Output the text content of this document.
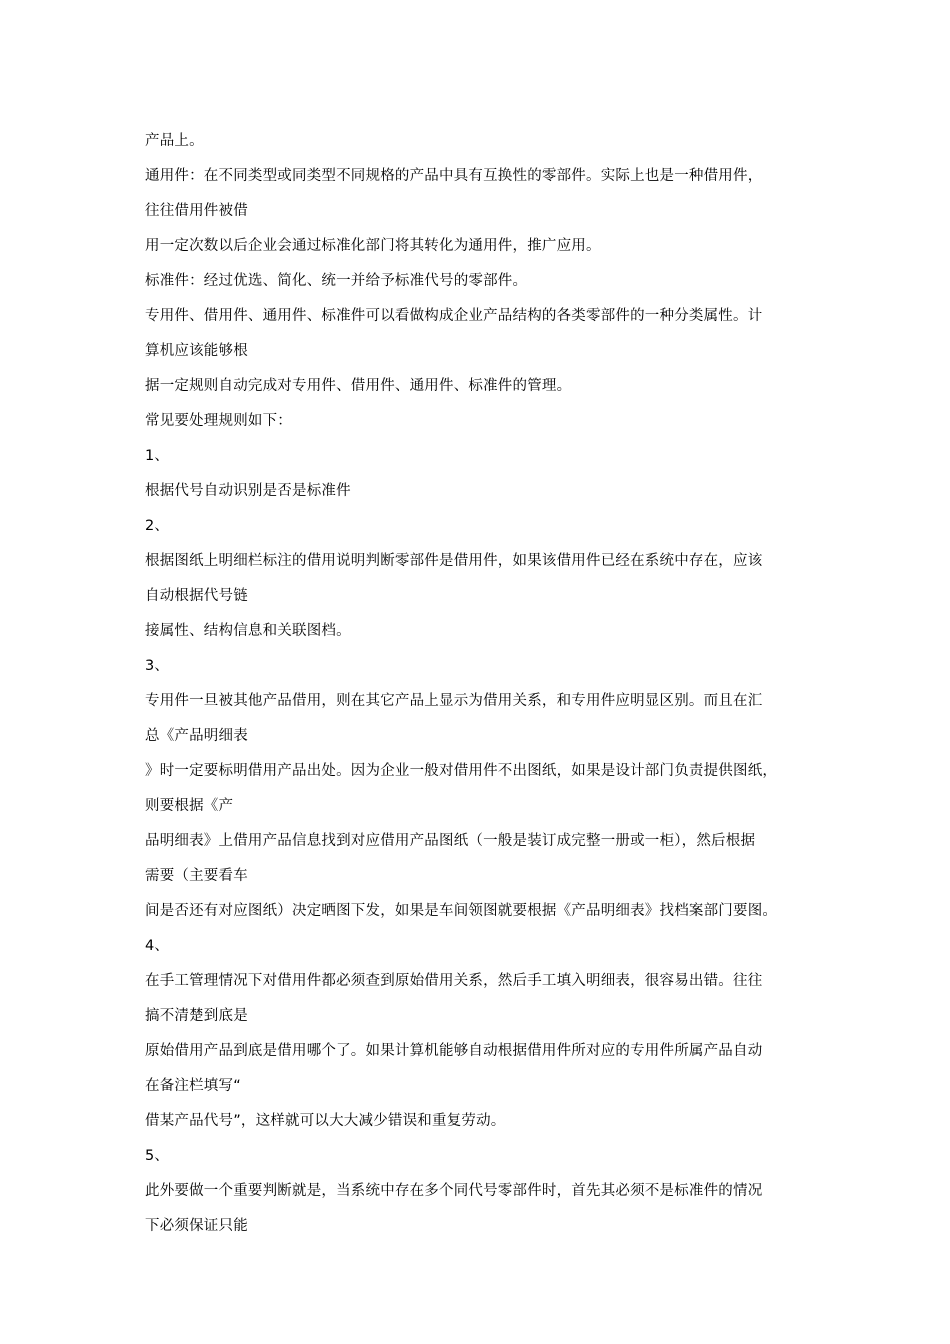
产品上。
通用件：在不同类型或同类型不同规格的产品中具有互换性的零部件。实际上也是一种借用件，
往往借用件被借
用一定次数以后企业会通过标准化部门将其转化为通用件，推广应用。
标准件：经过优选、简化、统一并给予标准代号的零部件。
专用件、借用件、通用件、标准件可以看做构成企业产品结构的各类零部件的一种分类属性。计
算机应该能够根
据一定规则自动完成对专用件、借用件、通用件、标准件的管理。
常见要处理规则如下：
1、
根据代号自动识别是否是标准件
2、
根据图纸上明细栏标注的借用说明判断零部件是借用件，如果该借用件已经在系统中存在，应该
自动根据代号链
接属性、结构信息和关联图档。
3、
专用件一旦被其他产品借用，则在其它产品上显示为借用关系，和专用件应明显区别。而且在汇
总《产品明细表
》时一定要标明借用产品出处。因为企业一般对借用件不出图纸，如果是设计部门负责提供图纸，
则要根据《产
品明细表》上借用产品信息找到对应借用产品图纸（一般是装订成完整一册或一柜），然后根据
需要（主要看车
间是否还有对应图纸）决定晒图下发，如果是车间领图就要根据《产品明细表》找档案部门要图。
4、
在手工管理情况下对借用件都必须查到原始借用关系，然后手工填入明细表，很容易出错。往往
搞不清楚到底是
原始借用产品到底是借用哪个了。如果计算机能够自动根据借用件所对应的专用件所属产品自动
在备注栏填写“
借某产品代号”，这样就可以大大减少错误和重复劳动。
5、
此外要做一个重要判断就是，当系统中存在多个同代号零部件时，首先其必须不是标准件的情况
下必须保证只能
